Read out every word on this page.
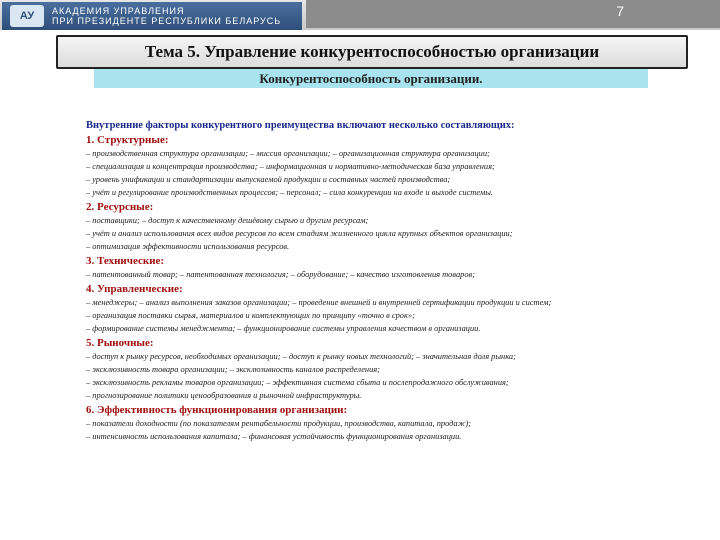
АУ	АКАДЕМИЯ УПРАВЛЕНИЯ
ПРИ ПРЕЗИДЕНТЕ РЕСПУБЛИКИ БЕЛАРУСЬ
7
Тема 5. Управление конкурентоспособностью организации
Конкурентоспособность организации.
Внутренние факторы конкурентного преимущества включают несколько составляющих:
1. Структурные:
– производственная структура организации; – миссия организации; – организационная структура организации;
– специализация и концентрация производства; – информационная и нормативно-методическая база управления;
– уровень унификации и стандартизации выпускаемой продукции и составных частей производства;
– учёт и регулирование производственных процессов; – персонал; – сила конкуренции на входе и выходе системы.
2. Ресурсные:
– поставщики; – доступ к качественному дешёвому сырью и другим ресурсам;
– учёт и анализ использования всех видов ресурсов по всем стадиям жизненного цикла крупных объектов организации;
– оптимизация эффективности использования ресурсов.
3. Технические:
– патентованный товар; – патентованная технология; – оборудование; – качество изготовления товаров;
4. Управленческие:
– менеджеры; – анализ выполнения заказов организации; – проведение внешней и внутренней сертификации продукции и систем;
– организация поставки сырья, материалов и комплектующих по принципу «точно в срок»;
– формирование системы менеджмента; – функционирование системы управления качеством в организации.
5. Рыночные:
– доступ к рынку ресурсов, необходимых организации; – доступ к рынку новых технологий; – значительная доля рынка;
– эксклюзивность товара организации; – эксклюзивность каналов распределения;
– эксклюзивность рекламы товаров организации; – эффективная система сбыта и послепродажного обслуживания;
– прогнозирование политики ценообразования и рыночной инфраструктуры.
6. Эффективность функционирования организации:
– показатели доходности (по показателям рентабельности продукции, производства, капитала, продаж);
– интенсивность использования капитала; – финансовая устойчивость функционирования организации.
